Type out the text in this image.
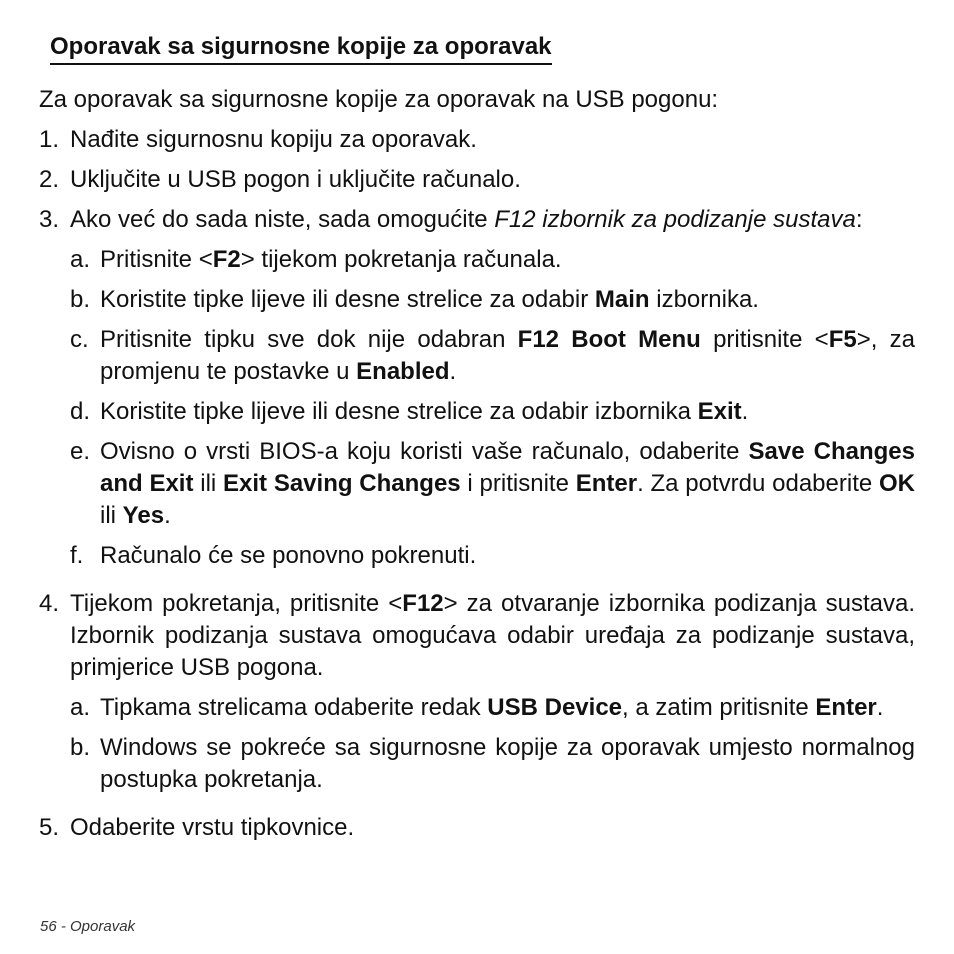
Oporavak sa sigurnosne kopije za oporavak

Za oporavak sa sigurnosne kopije za oporavak na USB pogonu:

1. Nađite sigurnosnu kopiju za oporavak.
2. Uključite u USB pogon i uključite računalo.
3. Ako već do sada niste, sada omogućite F12 izbornik za podizanje sustava:
a. Pritisnite <F2> tijekom pokretanja računala.
b. Koristite tipke lijeve ili desne strelice za odabir Main izbornika.
c. Pritisnite tipku sve dok nije odabran F12 Boot Menu pritisnite <F5>, za promjenu te postavke u Enabled.
d. Koristite tipke lijeve ili desne strelice za odabir izbornika Exit.
e. Ovisno o vrsti BIOS-a koju koristi vaše računalo, odaberite Save Changes and Exit ili Exit Saving Changes i pritisnite Enter. Za potvrdu odaberite OK ili Yes.
f. Računalo će se ponovno pokrenuti.
4. Tijekom pokretanja, pritisnite <F12> za otvaranje izbornika podizanja sustava. Izbornik podizanja sustava omogućava odabir uređaja za podizanje sustava, primjerice USB pogona.
a. Tipkama strelicama odaberite redak USB Device, a zatim pritisnite Enter.
b. Windows se pokreće sa sigurnosne kopije za oporavak umjesto normalnog postupka pokretanja.
5. Odaberite vrstu tipkovnice.
56 - Oporavak
